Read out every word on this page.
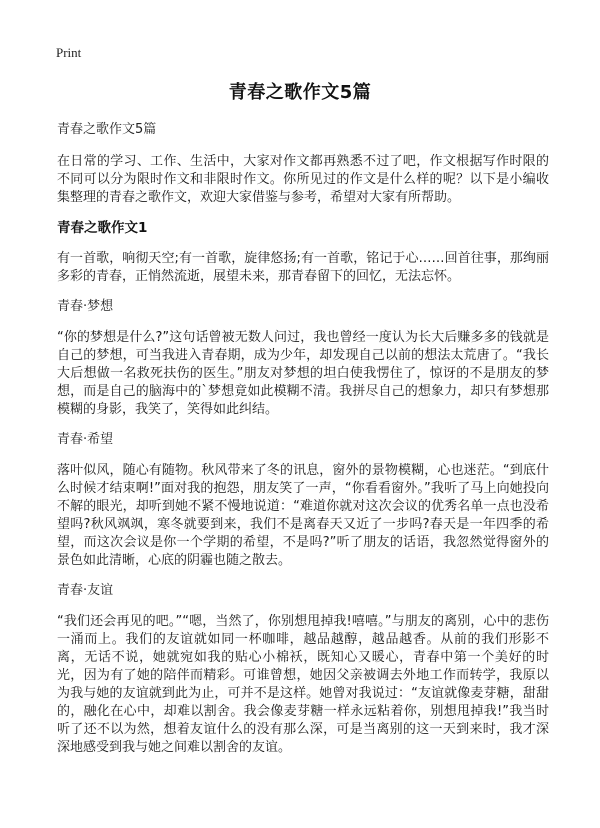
Print
青春之歌作文5篇

青春之歌作文5篇

在日常的学习、工作、生活中，大家对作文都再熟悉不过了吧，作文根据写作时限的不同可以分为限时作文和非限时作文。你所见过的作文是什么样的呢？以下是小编收集整理的青春之歌作文，欢迎大家借鉴与参考，希望对大家有所帮助。

青春之歌作文1

有一首歌，响彻天空;有一首歌，旋律悠扬;有一首歌，铭记于心……回首往事，那绚丽多彩的青春，正悄然流逝，展望未来，那青春留下的回忆，无法忘怀。

青春·梦想

“你的梦想是什么?”这句话曾被无数人问过，我也曾经一度认为长大后赚多多的钱就是自己的梦想，可当我进入青春期，成为少年，却发现自己以前的想法太荒唐了。“我长大后想做一名救死扶伤的医生。”朋友对梦想的坦白使我愣住了，惊讶的不是朋友的梦想，而是自己的脑海中的`梦想竟如此模糊不清。我拼尽自己的想象力，却只有梦想那模糊的身影，我笑了，笑得如此纠结。

青春·希望

落叶似风，随心有随物。秋风带来了冬的讯息，窗外的景物模糊，心也迷茫。“到底什么时候才结束啊!”面对我的抱怨，朋友笑了一声，“你看看窗外。”我听了马上向她投向不解的眼光，却听到她不紧不慢地说道：“难道你就对这次会议的优秀名单一点也没希望吗?秋风飒飒，寒冬就要到来，我们不是离春天又近了一步吗?春天是一年四季的希望，而这次会议是你一个学期的希望，不是吗?”听了朋友的话语，我忽然觉得窗外的景色如此清晰，心底的阴霾也随之散去。

青春·友谊

“我们还会再见的吧。”“嗯，当然了，你别想甩掉我!嘻嘻。”与朋友的离别，心中的悲伤一涌而上。我们的友谊就如同一杯咖啡，越品越醇，越品越香。从前的我们形影不离，无话不说，她就宛如我的贴心小棉袄，既知心又暖心，青春中第一个美好的时光，因为有了她的陪伴而精彩。可谁曾想，她因父亲被调去外地工作而转学，我原以为我与她的友谊就到此为止，可并不是这样。她曾对我说过：“友谊就像麦芽糖，甜甜的，融化在心中，却难以割舍。我会像麦芽糖一样永远粘着你，别想甩掉我!”我当时听了还不以为然，想着友谊什么的没有那么深，可是当离别的这一天到来时，我才深深地感受到我与她之间难以割舍的友谊。
